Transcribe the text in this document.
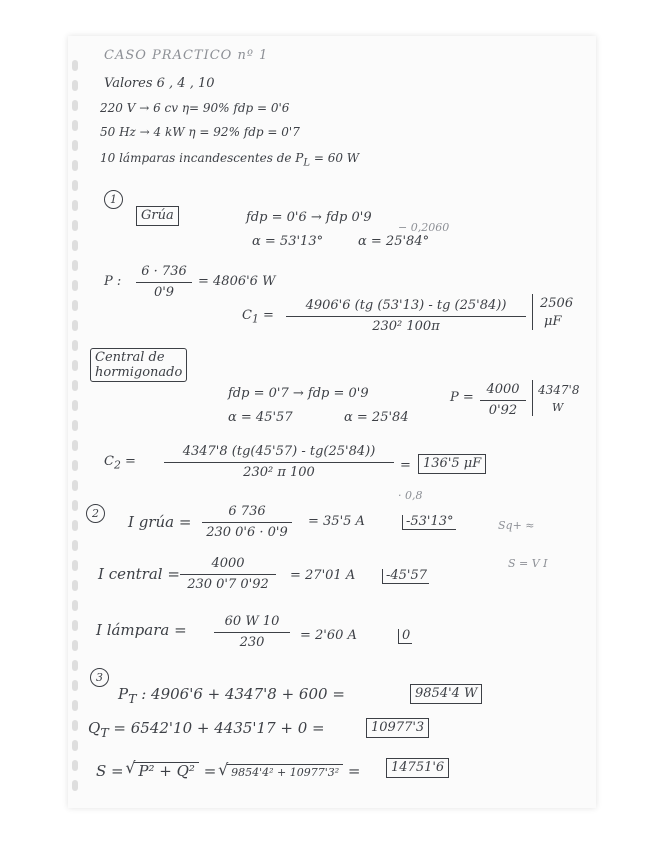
− 0,2060
· 0,8
Sq+ ≈
S = V I
CASO PRACTICO nº 1
Valores 6 , 4 , 10
220 V → 6 cv η= 90% fdp = 0'6
50 Hz → 4 kW η = 92% fdp = 0'7
10 lámparas incandescentes de $P_L = 60$ W
1
Grúa	fdp = 0'6 → fdp 0'9
α = 53'13°	α = 25'84°
P : $\frac{6 \cdot 736}{0'9} = 4806'6$ W
$C_1 = \frac{4906'6 (tg (53'13) - tg (25'84))}{\text{230² 100π}} 2506$
μF
Central de
hormigonado
fdp = 0'7 → fdp = 0'9
α = 45'57	α = 25'84
$P = \frac{4000}{0'92} 4347'8$
W
$C_2 = \frac{4347'8 (tg(45'57) - tg(25'84))}{\text{230² π 100}} = 136'5$ μF
2	I grúa = $\frac{6 736}{230 0'6 \cdot 0'9} = 35'5$ A	-53'13°
I central = $\frac{4000}{230 0'7 0'92} = 27'01$ A	-45'57
I lámpara = $\frac{60 W 10}{230} = 2'60$ A	0
3
$P_T$ : 4906'6 + 4347'8 + 600 =	9854'4 W
$Q_T = 6542'10 + 4435'17 + 0$ =	10977'3
S = √ P² + Q² = √ 9854'4² + 10977'3² =	14751'6
